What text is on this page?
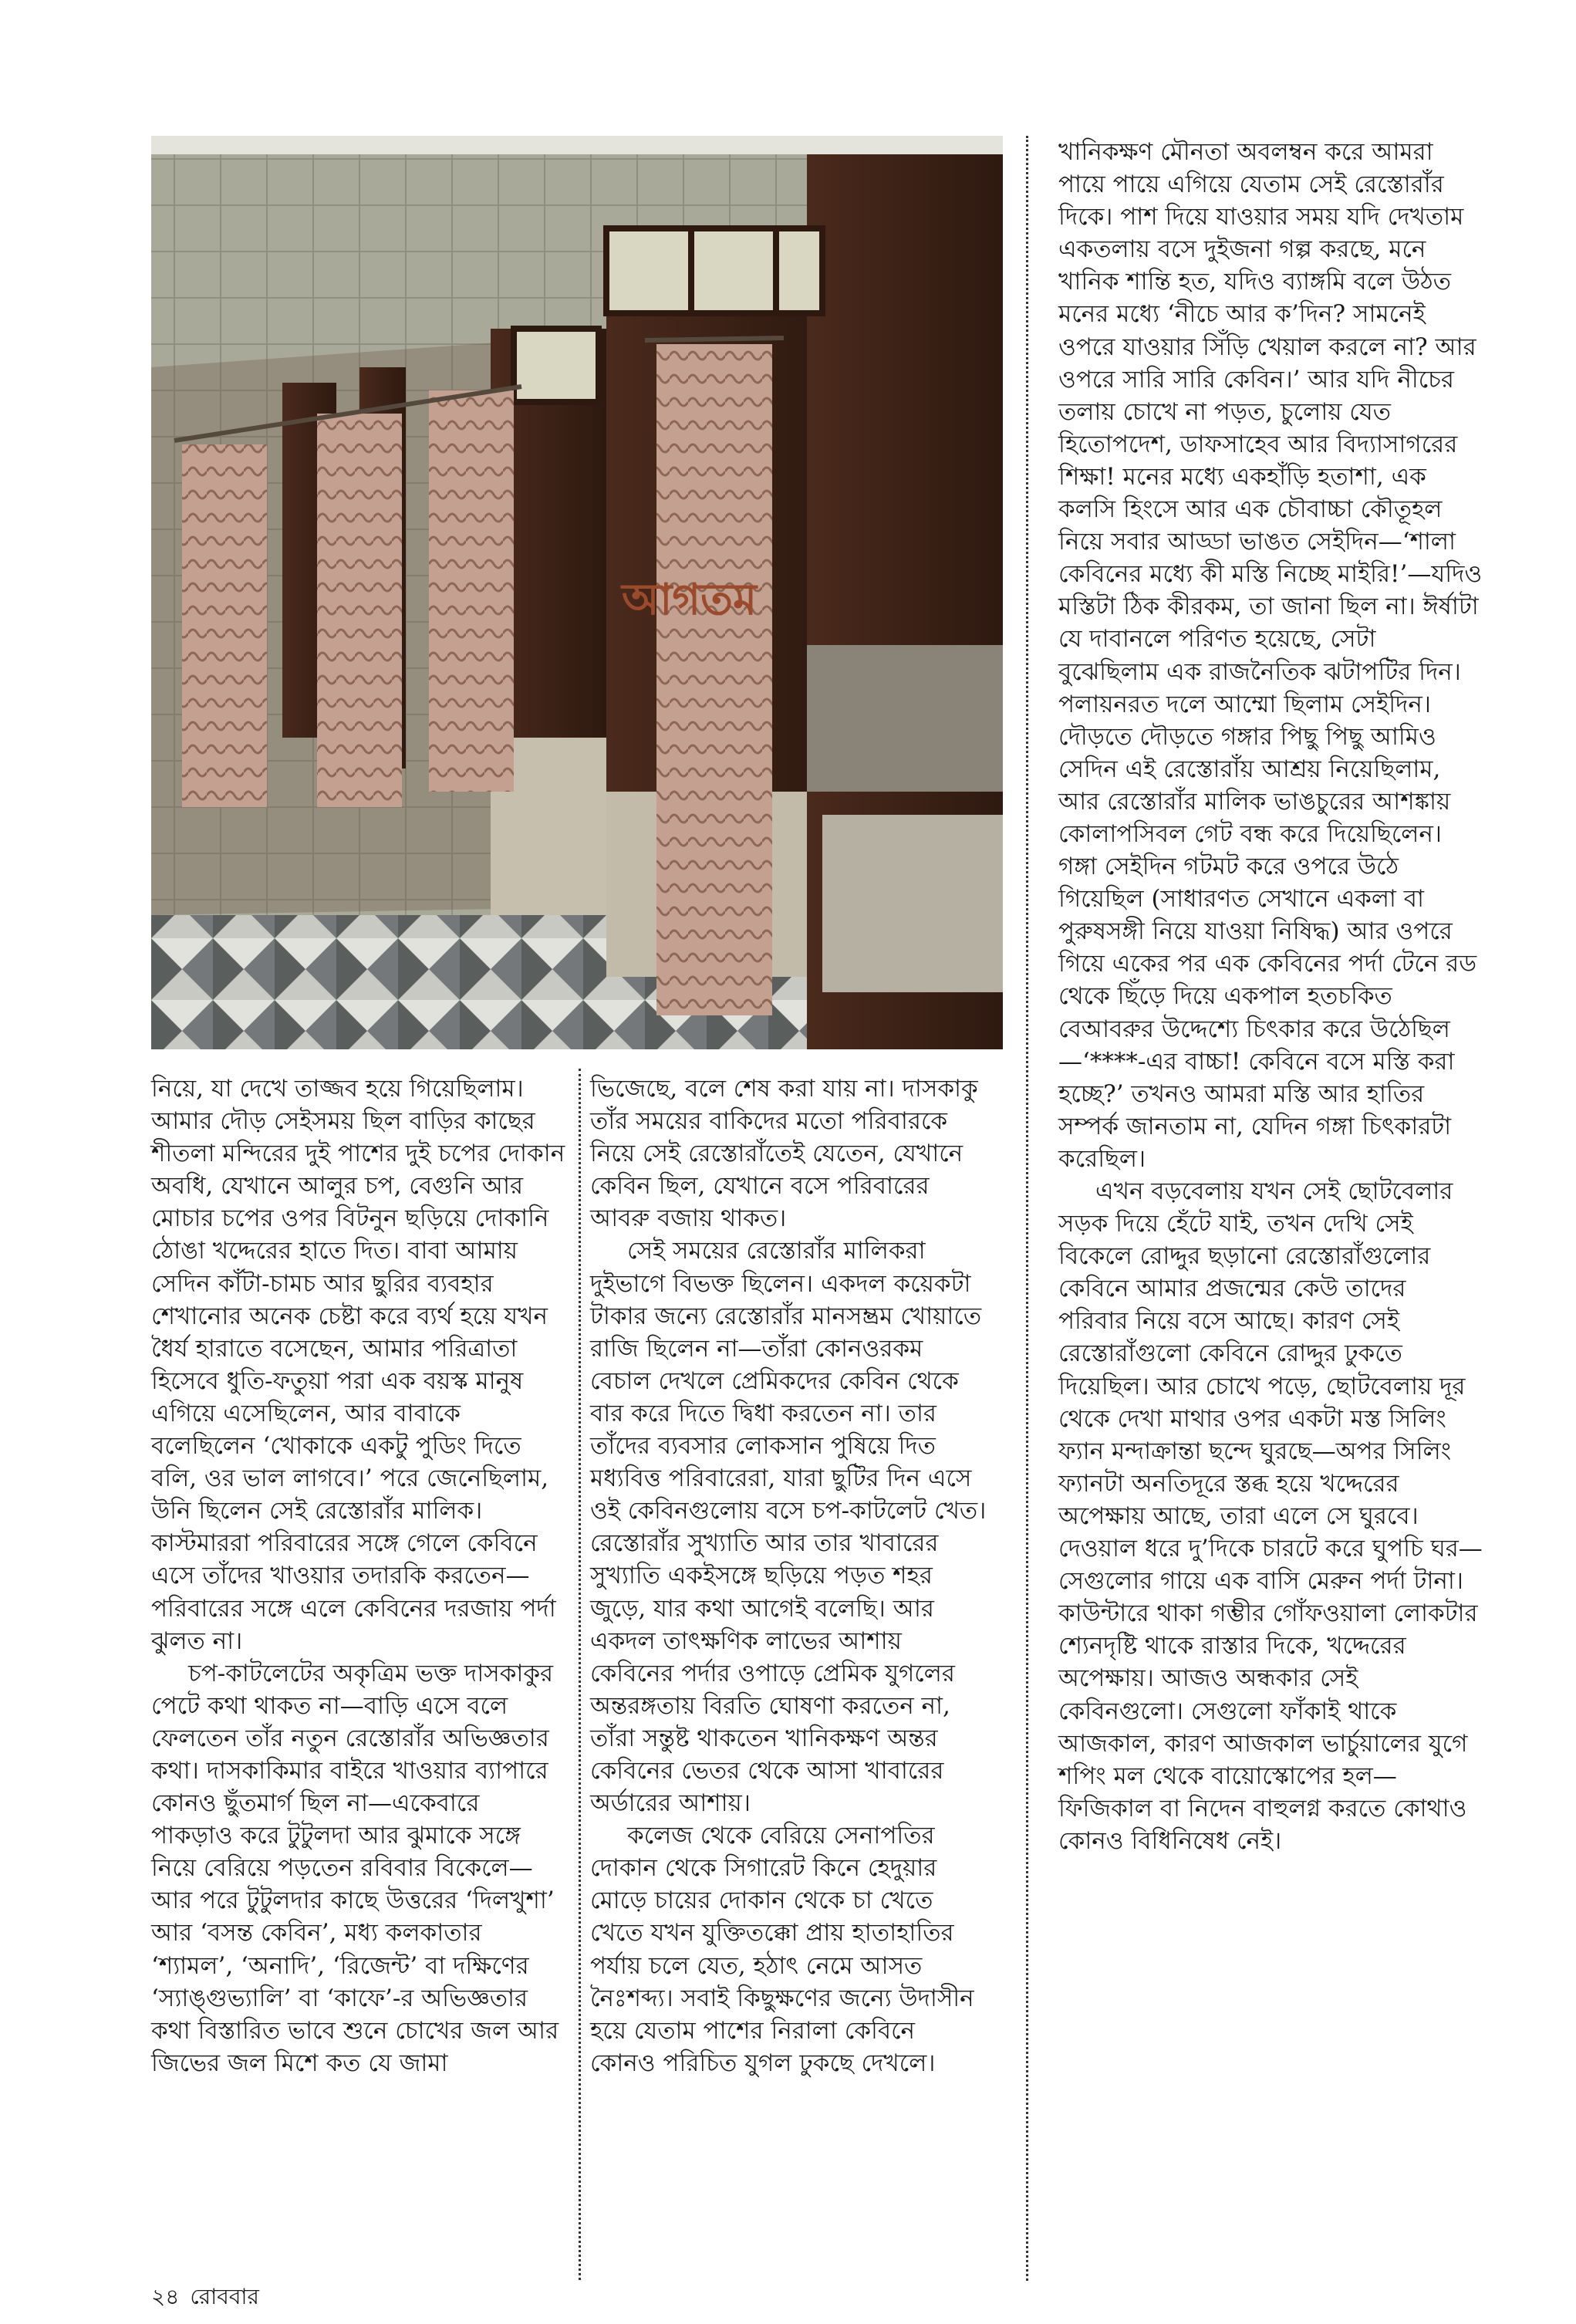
আগতম

নিয়ে, যা দেখে তাজ্জব হয়ে গিয়েছিলাম। আমার দৌড় সেইসময় ছিল বাড়ির কাছের শীতলা মন্দিরের দুই পাশের দুই চপের দোকান অবধি, যেখানে আলুর চপ, বেগুনি আর মোচার চপের ওপর বিটনুন ছড়িয়ে দোকানি ঠোঙা খদ্দেরের হাতে দিত। বাবা আমায় সেদিন কাঁটা-চামচ আর ছুরির ব্যবহার শেখানোর অনেক চেষ্টা করে ব্যর্থ হয়ে যখন ধৈর্য হারাতে বসেছেন, আমার পরিত্রাতা হিসেবে ধুতি-ফতুয়া পরা এক বয়স্ক মানুষ এগিয়ে এসেছিলেন, আর বাবাকে বলেছিলেন ‘খোকাকে একটু পুডিং দিতে বলি, ওর ভাল লাগবে।’ পরে জেনেছিলাম, উনি ছিলেন সেই রেস্তোরাঁর মালিক। কাস্টমাররা পরিবারের সঙ্গে গেলে কেবিনে এসে তাঁদের খাওয়ার তদারকি করতেন—পরিবারের সঙ্গে এলে কেবিনের দরজায় পর্দা ঝুলত না।

চপ-কাটলেটের অকৃত্রিম ভক্ত দাসকাকুর পেটে কথা থাকত না—বাড়ি এসে বলে ফেলতেন তাঁর নতুন রেস্তোরাঁর অভিজ্ঞতার কথা। দাসকাকিমার বাইরে খাওয়ার ব্যাপারে কোনও ছুঁতমার্গ ছিল না—একেবারে পাকড়াও করে টুটুলদা আর ঝুমাকে সঙ্গে নিয়ে বেরিয়ে পড়তেন রবিবার বিকেলে—আর পরে টুটুলদার কাছে উত্তরের ‘দিলখুশা’ আর ‘বসন্ত কেবিন’, মধ্য কলকাতার ‘শ্যামল’, ‘অনাদি’, ‘রিজেন্ট’ বা দক্ষিণের ‘স্যাঙ্গুভ্যালি’ বা ‘কাফে’-র অভিজ্ঞতার কথা বিস্তারিত ভাবে শুনে চোখের জল আর জিভের জল মিশে কত যে জামা

ভিজেছে, বলে শেষ করা যায় না। দাসকাকু তাঁর সময়ের বাকিদের মতো পরিবারকে নিয়ে সেই রেস্তোরাঁতেই যেতেন, যেখানে কেবিন ছিল, যেখানে বসে পরিবারের আবরু বজায় থাকত।

সেই সময়ের রেস্তোরাঁর মালিকরা দুইভাগে বিভক্ত ছিলেন। একদল কয়েকটা টাকার জন্যে রেস্তোরাঁর মানসম্ভ্রম খোয়াতে রাজি ছিলেন না—তাঁরা কোনওরকম বেচাল দেখলে প্রেমিকদের কেবিন থেকে বার করে দিতে দ্বিধা করতেন না। তার তাঁদের ব্যবসার লোকসান পুষিয়ে দিত মধ্যবিত্ত পরিবারেরা, যারা ছুটির দিন এসে ওই কেবিনগুলোয় বসে চপ-কাটলেট খেত। রেস্তোরাঁর সুখ্যাতি আর তার খাবারের সুখ্যাতি একইসঙ্গে ছড়িয়ে পড়ত শহর জুড়ে, যার কথা আগেই বলেছি। আর একদল তাৎক্ষণিক লাভের আশায় কেবিনের পর্দার ওপাড়ে প্রেমিক যুগলের অন্তরঙ্গতায় বিরতি ঘোষণা করতেন না, তাঁরা সন্তুষ্ট থাকতেন খানিকক্ষণ অন্তর কেবিনের ভেতর থেকে আসা খাবারের অর্ডারের আশায়।

কলেজ থেকে বেরিয়ে সেনাপতির দোকান থেকে সিগারেট কিনে হেদুয়ার মোড়ে চায়ের দোকান থেকে চা খেতে খেতে যখন যুক্তিতক্কো প্রায় হাতাহাতির পর্যায় চলে যেত, হঠাৎ নেমে আসত নৈঃশব্দ্য। সবাই কিছুক্ষণের জন্যে উদাসীন হয়ে যেতাম পাশের নিরালা কেবিনে কোনও পরিচিত যুগল ঢুকছে দেখলে।

খানিকক্ষণ মৌনতা অবলম্বন করে আমরা পায়ে পায়ে এগিয়ে যেতাম সেই রেস্তোরাঁর দিকে। পাশ দিয়ে যাওয়ার সময় যদি দেখতাম একতলায় বসে দুইজনা গল্প করছে, মনে খানিক শান্তি হত, যদিও ব্যাঙ্গমি বলে উঠত মনের মধ্যে ‘নীচে আর ক’দিন? সামনেই ওপরে যাওয়ার সিঁড়ি খেয়াল করলে না? আর ওপরে সারি সারি কেবিন।’ আর যদি নীচের তলায় চোখে না পড়ত, চুলোয় যেত হিতোপদেশ, ডাফসাহেব আর বিদ্যাসাগরের শিক্ষা! মনের মধ্যে একহাঁড়ি হতাশা, এক কলসি হিংসে আর এক চৌবাচ্চা কৌতূহল নিয়ে সবার আড্ডা ভাঙত সেইদিন—‘শালা কেবিনের মধ্যে কী মস্তি নিচ্ছে মাইরি!’—যদিও মস্তিটা ঠিক কীরকম, তা জানা ছিল না। ঈর্ষাটা যে দাবানলে পরিণত হয়েছে, সেটা বুঝেছিলাম এক রাজনৈতিক ঝটাপটির দিন। পলায়নরত দলে আম্মো ছিলাম সেইদিন। দৌড়তে দৌড়তে গঙ্গার পিছু পিছু আমিও সেদিন এই রেস্তোরাঁয় আশ্রয় নিয়েছিলাম, আর রেস্তোরাঁর মালিক ভাঙচুরের আশঙ্কায় কোলাপসিবল গেট বন্ধ করে দিয়েছিলেন। গঙ্গা সেইদিন গটমট করে ওপরে উঠে গিয়েছিল (সাধারণত সেখানে একলা বা পুরুষসঙ্গী নিয়ে যাওয়া নিষিদ্ধ) আর ওপরে গিয়ে একের পর এক কেবিনের পর্দা টেনে রড থেকে ছিঁড়ে দিয়ে একপাল হতচকিত বেআবরুর উদ্দেশ্যে চিৎকার করে উঠেছিল—‘****-এর বাচ্চা! কেবিনে বসে মস্তি করা হচ্ছে?’ তখনও আমরা মস্তি আর হাতির সম্পর্ক জানতাম না, যেদিন গঙ্গা চিৎকারটা করেছিল।

এখন বড়বেলায় যখন সেই ছোটবেলার সড়ক দিয়ে হেঁটে যাই, তখন দেখি সেই বিকেলে রোদ্দুর ছড়ানো রেস্তোরাঁগুলোর কেবিনে আমার প্রজন্মের কেউ তাদের পরিবার নিয়ে বসে আছে। কারণ সেই রেস্তোরাঁগুলো কেবিনে রোদ্দুর ঢুকতে দিয়েছিল। আর চোখে পড়ে, ছোটবেলায় দূর থেকে দেখা মাথার ওপর একটা মস্ত সিলিং ফ্যান মন্দাক্রান্তা ছন্দে ঘুরছে—অপর সিলিং ফ্যানটা অনতিদূরে স্তব্ধ হয়ে খদ্দেরের অপেক্ষায় আছে, তারা এলে সে ঘুরবে। দেওয়াল ধরে দু’দিকে চারটে করে ঘুপচি ঘর—সেগুলোর গায়ে এক বাসি মেরুন পর্দা টানা। কাউন্টারে থাকা গম্ভীর গোঁফওয়ালা লোকটার শ্যেনদৃষ্টি থাকে রাস্তার দিকে, খদ্দেরের অপেক্ষায়। আজও অন্ধকার সেই কেবিনগুলো। সেগুলো ফাঁকাই থাকে আজকাল, কারণ আজকাল ভার্চুয়ালের যুগে শপিং মল থেকে বায়োস্কোপের হল—ফিজিকাল বা নিদেন বাহুলগ্ন করতে কোথাও কোনও বিধিনিষেধ নেই।

২৪ রোববার
